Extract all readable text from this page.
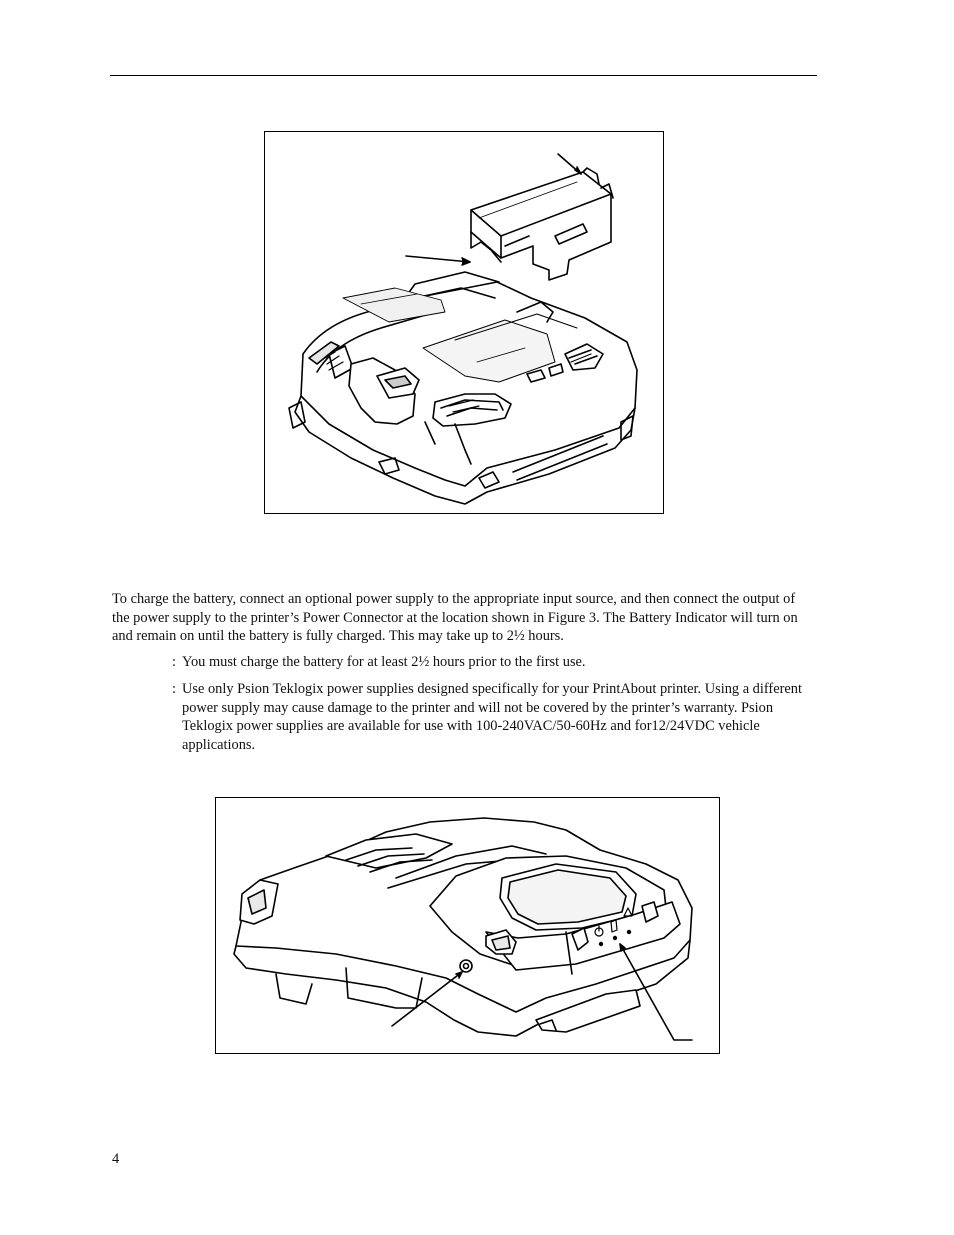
To charge the battery, connect an optional power supply to the appropriate input source, and then connect the output of the power supply to the printer’s Power Connector at the location shown in Figure 3. The Battery Indicator will turn on and remain on until the battery is fully charged. This may take up to 2½ hours.

: You must charge the battery for at least 2½ hours prior to the first use.
: Use only Psion Teklogix power supplies designed specifically for your PrintAbout printer. Using a different power supply may cause damage to the printer and will not be covered by the printer’s warranty. Psion Teklogix power supplies are available for use with 100-240VAC/50-60Hz and for12/24VDC vehicle applications.
4
